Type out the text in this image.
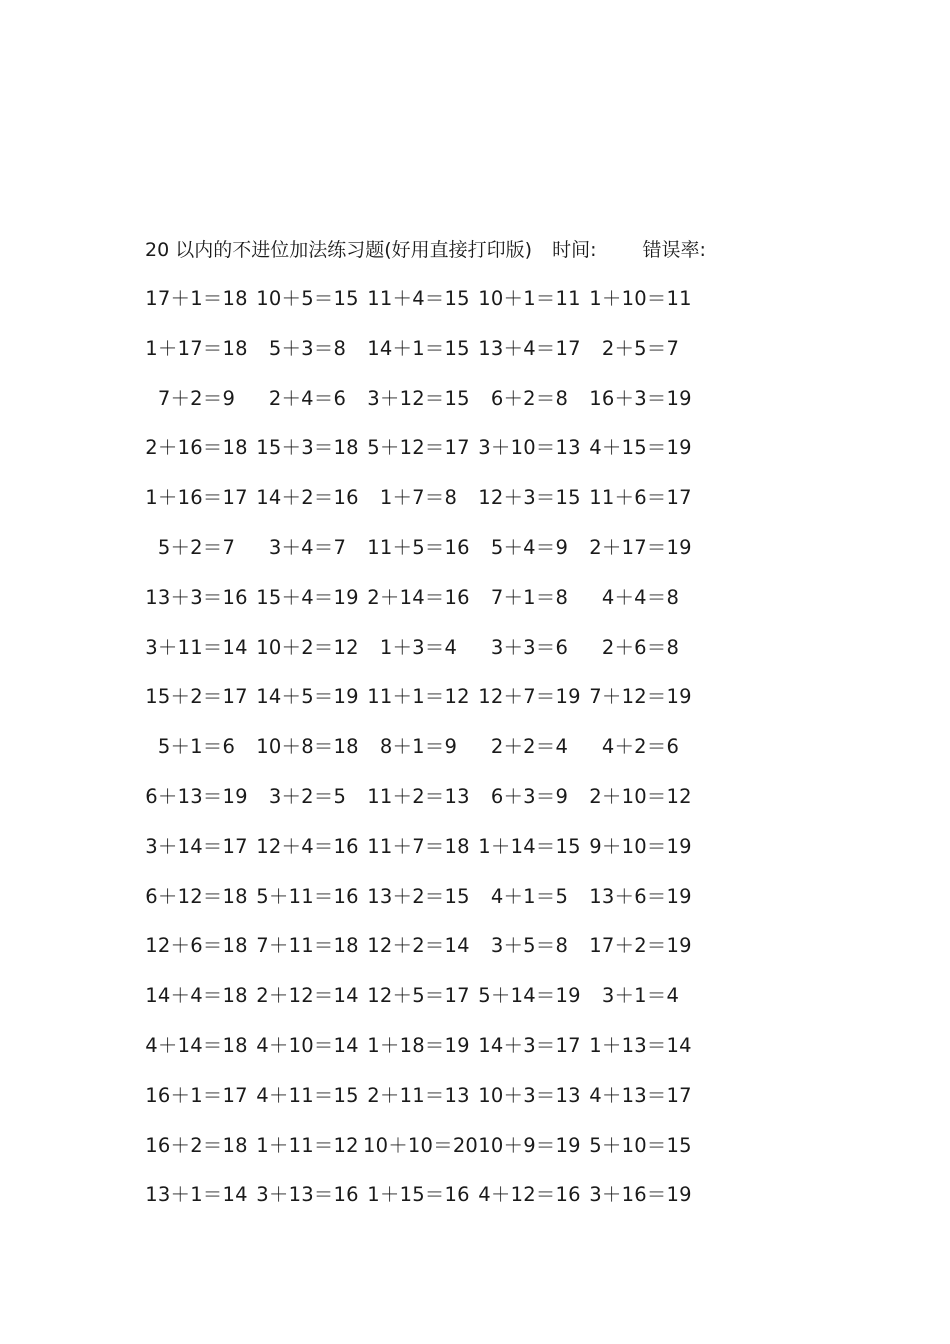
20 以内的不进位加法练习题(好用直接打印版) 时间: 错误率:
17＋1＝18 10＋5＝15 11＋4＝15 10＋1＝11 1＋10＝11
1＋17＝18	5＋3＝8	14＋1＝15 13＋4＝17	2＋5＝7
7＋2＝9	2＋4＝6	3＋12＝15	6＋2＝8	16＋3＝19
2＋16＝18 15＋3＝18 5＋12＝17 3＋10＝13 4＋15＝19
1＋16＝17 14＋2＝16	1＋7＝8	12＋3＝15 11＋6＝17
5＋2＝7	3＋4＝7	11＋5＝16	5＋4＝9	2＋17＝19
13＋3＝16 15＋4＝19 2＋14＝16	7＋1＝8	4＋4＝8
3＋11＝14 10＋2＝12	1＋3＝4	3＋3＝6	2＋6＝8
15＋2＝17 14＋5＝19 11＋1＝12 12＋7＝19 7＋12＝19
5＋1＝6	10＋8＝18	8＋1＝9	2＋2＝4	4＋2＝6
6＋13＝19	3＋2＝5	11＋2＝13	6＋3＝9	2＋10＝12
3＋14＝17 12＋4＝16 11＋7＝18 1＋14＝15 9＋10＝19
6＋12＝18 5＋11＝16 13＋2＝15	4＋1＝5	13＋6＝19
12＋6＝18 7＋11＝18 12＋2＝14	3＋5＝8	17＋2＝19
14＋4＝18 2＋12＝14 12＋5＝17 5＋14＝19	3＋1＝4
4＋14＝18 4＋10＝14 1＋18＝19 14＋3＝17 1＋13＝14
16＋1＝17 4＋11＝15 2＋11＝13 10＋3＝13 4＋13＝17
16＋2＝18 1＋11＝12 10＋10＝20 10＋9＝19 5＋10＝15
13＋1＝14 3＋13＝16 1＋15＝16 4＋12＝16 3＋16＝19
